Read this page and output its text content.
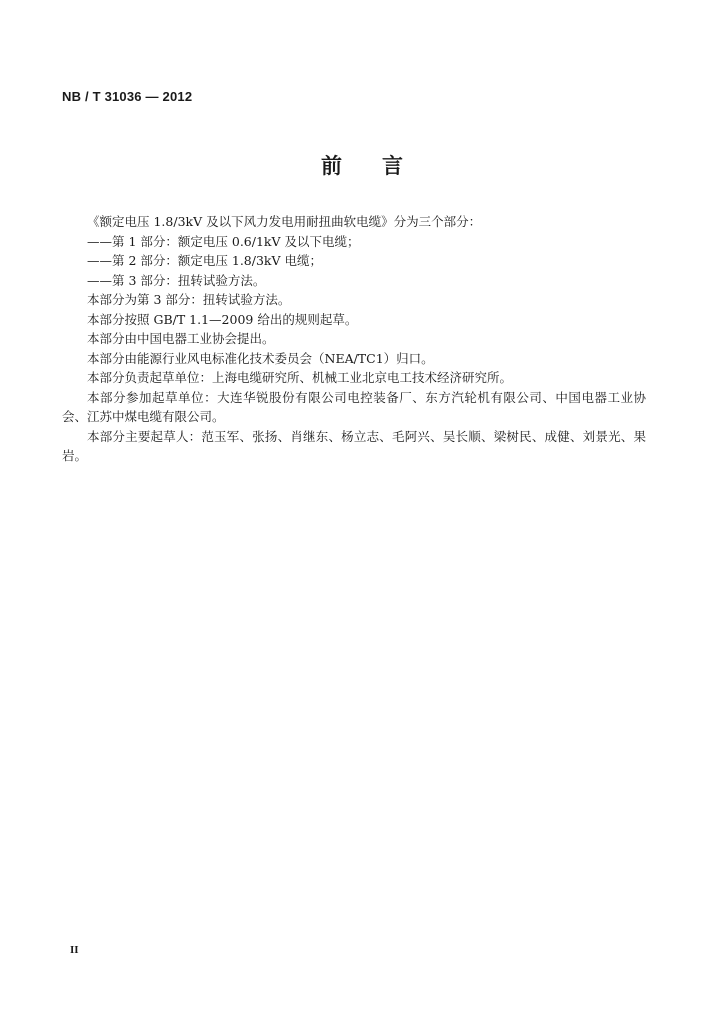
NB / T 31036 — 2012
前言

《额定电压 1.8/3kV 及以下风力发电用耐扭曲软电缆》分为三个部分：

——第 1 部分：额定电压 0.6/1kV 及以下电缆；

——第 2 部分：额定电压 1.8/3kV 电缆；

——第 3 部分：扭转试验方法。

本部分为第 3 部分：扭转试验方法。

本部分按照 GB/T 1.1—2009 给出的规则起草。

本部分由中国电器工业协会提出。

本部分由能源行业风电标准化技术委员会（NEA/TC1）归口。

本部分负责起草单位：上海电缆研究所、机械工业北京电工技术经济研究所。

本部分参加起草单位：大连华锐股份有限公司电控装备厂、东方汽轮机有限公司、中国电器工业协会、江苏中煤电缆有限公司。

本部分主要起草人：范玉军、张扬、肖继东、杨立志、毛阿兴、吴长顺、梁树民、成健、刘景光、果岩。

II
